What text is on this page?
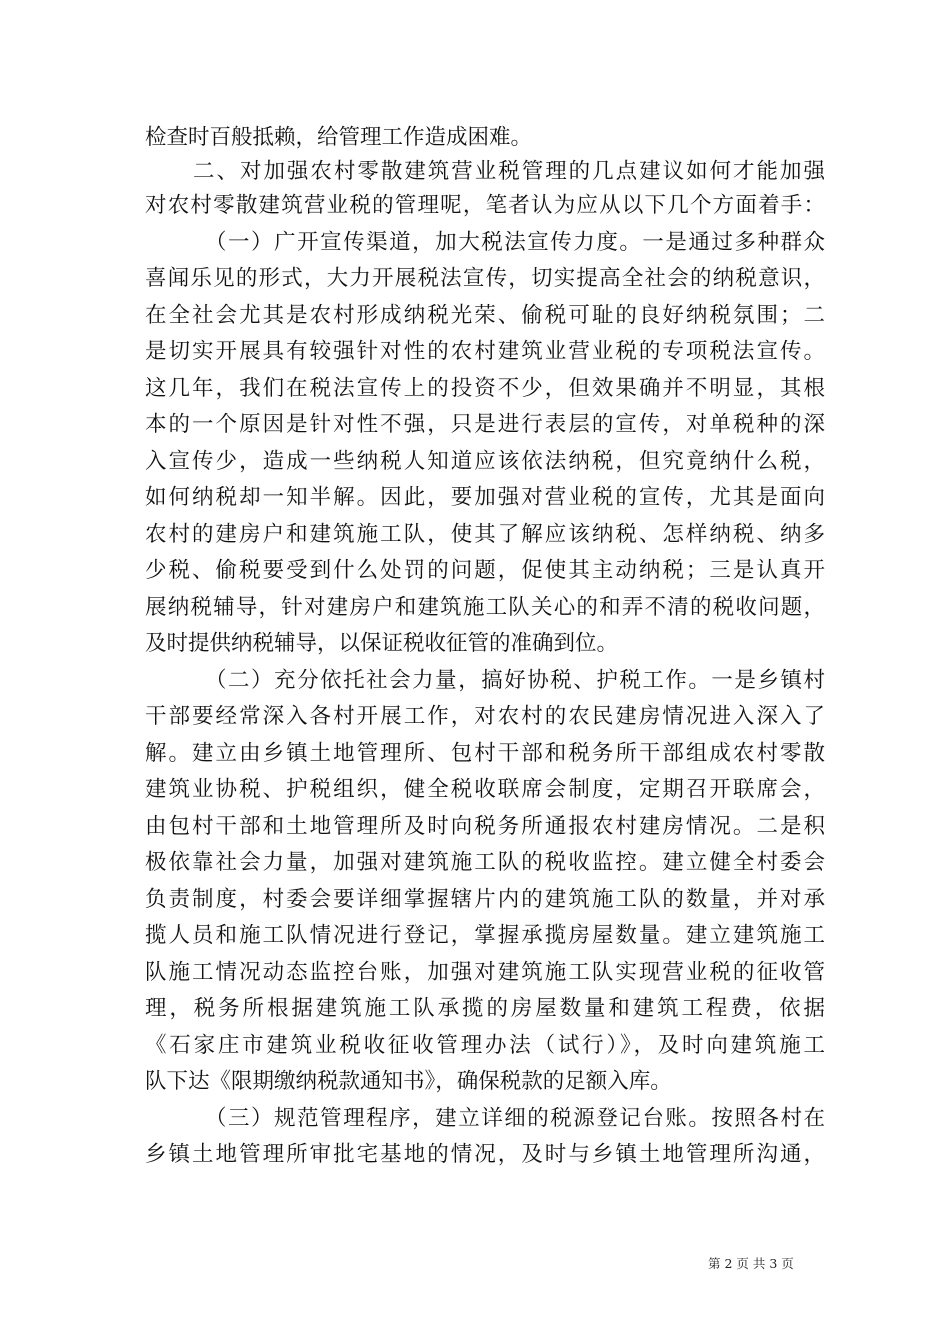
检查时百般抵赖，给管理工作造成困难。
二、对加强农村零散建筑营业税管理的几点建议如何才能加强
对农村零散建筑营业税的管理呢，笔者认为应从以下几个方面着手：
（一）广开宣传渠道，加大税法宣传力度。一是通过多种群众
喜闻乐见的形式，大力开展税法宣传，切实提高全社会的纳税意识，
在全社会尤其是农村形成纳税光荣、偷税可耻的良好纳税氛围；二
是切实开展具有较强针对性的农村建筑业营业税的专项税法宣传。
这几年，我们在税法宣传上的投资不少，但效果确并不明显，其根
本的一个原因是针对性不强，只是进行表层的宣传，对单税种的深
入宣传少，造成一些纳税人知道应该依法纳税，但究竟纳什么税，
如何纳税却一知半解。因此，要加强对营业税的宣传，尤其是面向
农村的建房户和建筑施工队，使其了解应该纳税、怎样纳税、纳多
少税、偷税要受到什么处罚的问题，促使其主动纳税；三是认真开
展纳税辅导，针对建房户和建筑施工队关心的和弄不清的税收问题，
及时提供纳税辅导，以保证税收征管的准确到位。
（二）充分依托社会力量，搞好协税、护税工作。一是乡镇村
干部要经常深入各村开展工作，对农村的农民建房情况进入深入了
解。建立由乡镇土地管理所、包村干部和税务所干部组成农村零散
建筑业协税、护税组织，健全税收联席会制度，定期召开联席会，
由包村干部和土地管理所及时向税务所通报农村建房情况。二是积
极依靠社会力量，加强对建筑施工队的税收监控。建立健全村委会
负责制度，村委会要详细掌握辖片内的建筑施工队的数量，并对承
揽人员和施工队情况进行登记，掌握承揽房屋数量。建立建筑施工
队施工情况动态监控台账，加强对建筑施工队实现营业税的征收管
理，税务所根据建筑施工队承揽的房屋数量和建筑工程费，依据
《石家庄市建筑业税收征收管理办法（试行）》，及时向建筑施工
队下达《限期缴纳税款通知书》，确保税款的足额入库。
（三）规范管理程序，建立详细的税源登记台账。按照各村在
乡镇土地管理所审批宅基地的情况，及时与乡镇土地管理所沟通，
第 2 页 共 3 页
